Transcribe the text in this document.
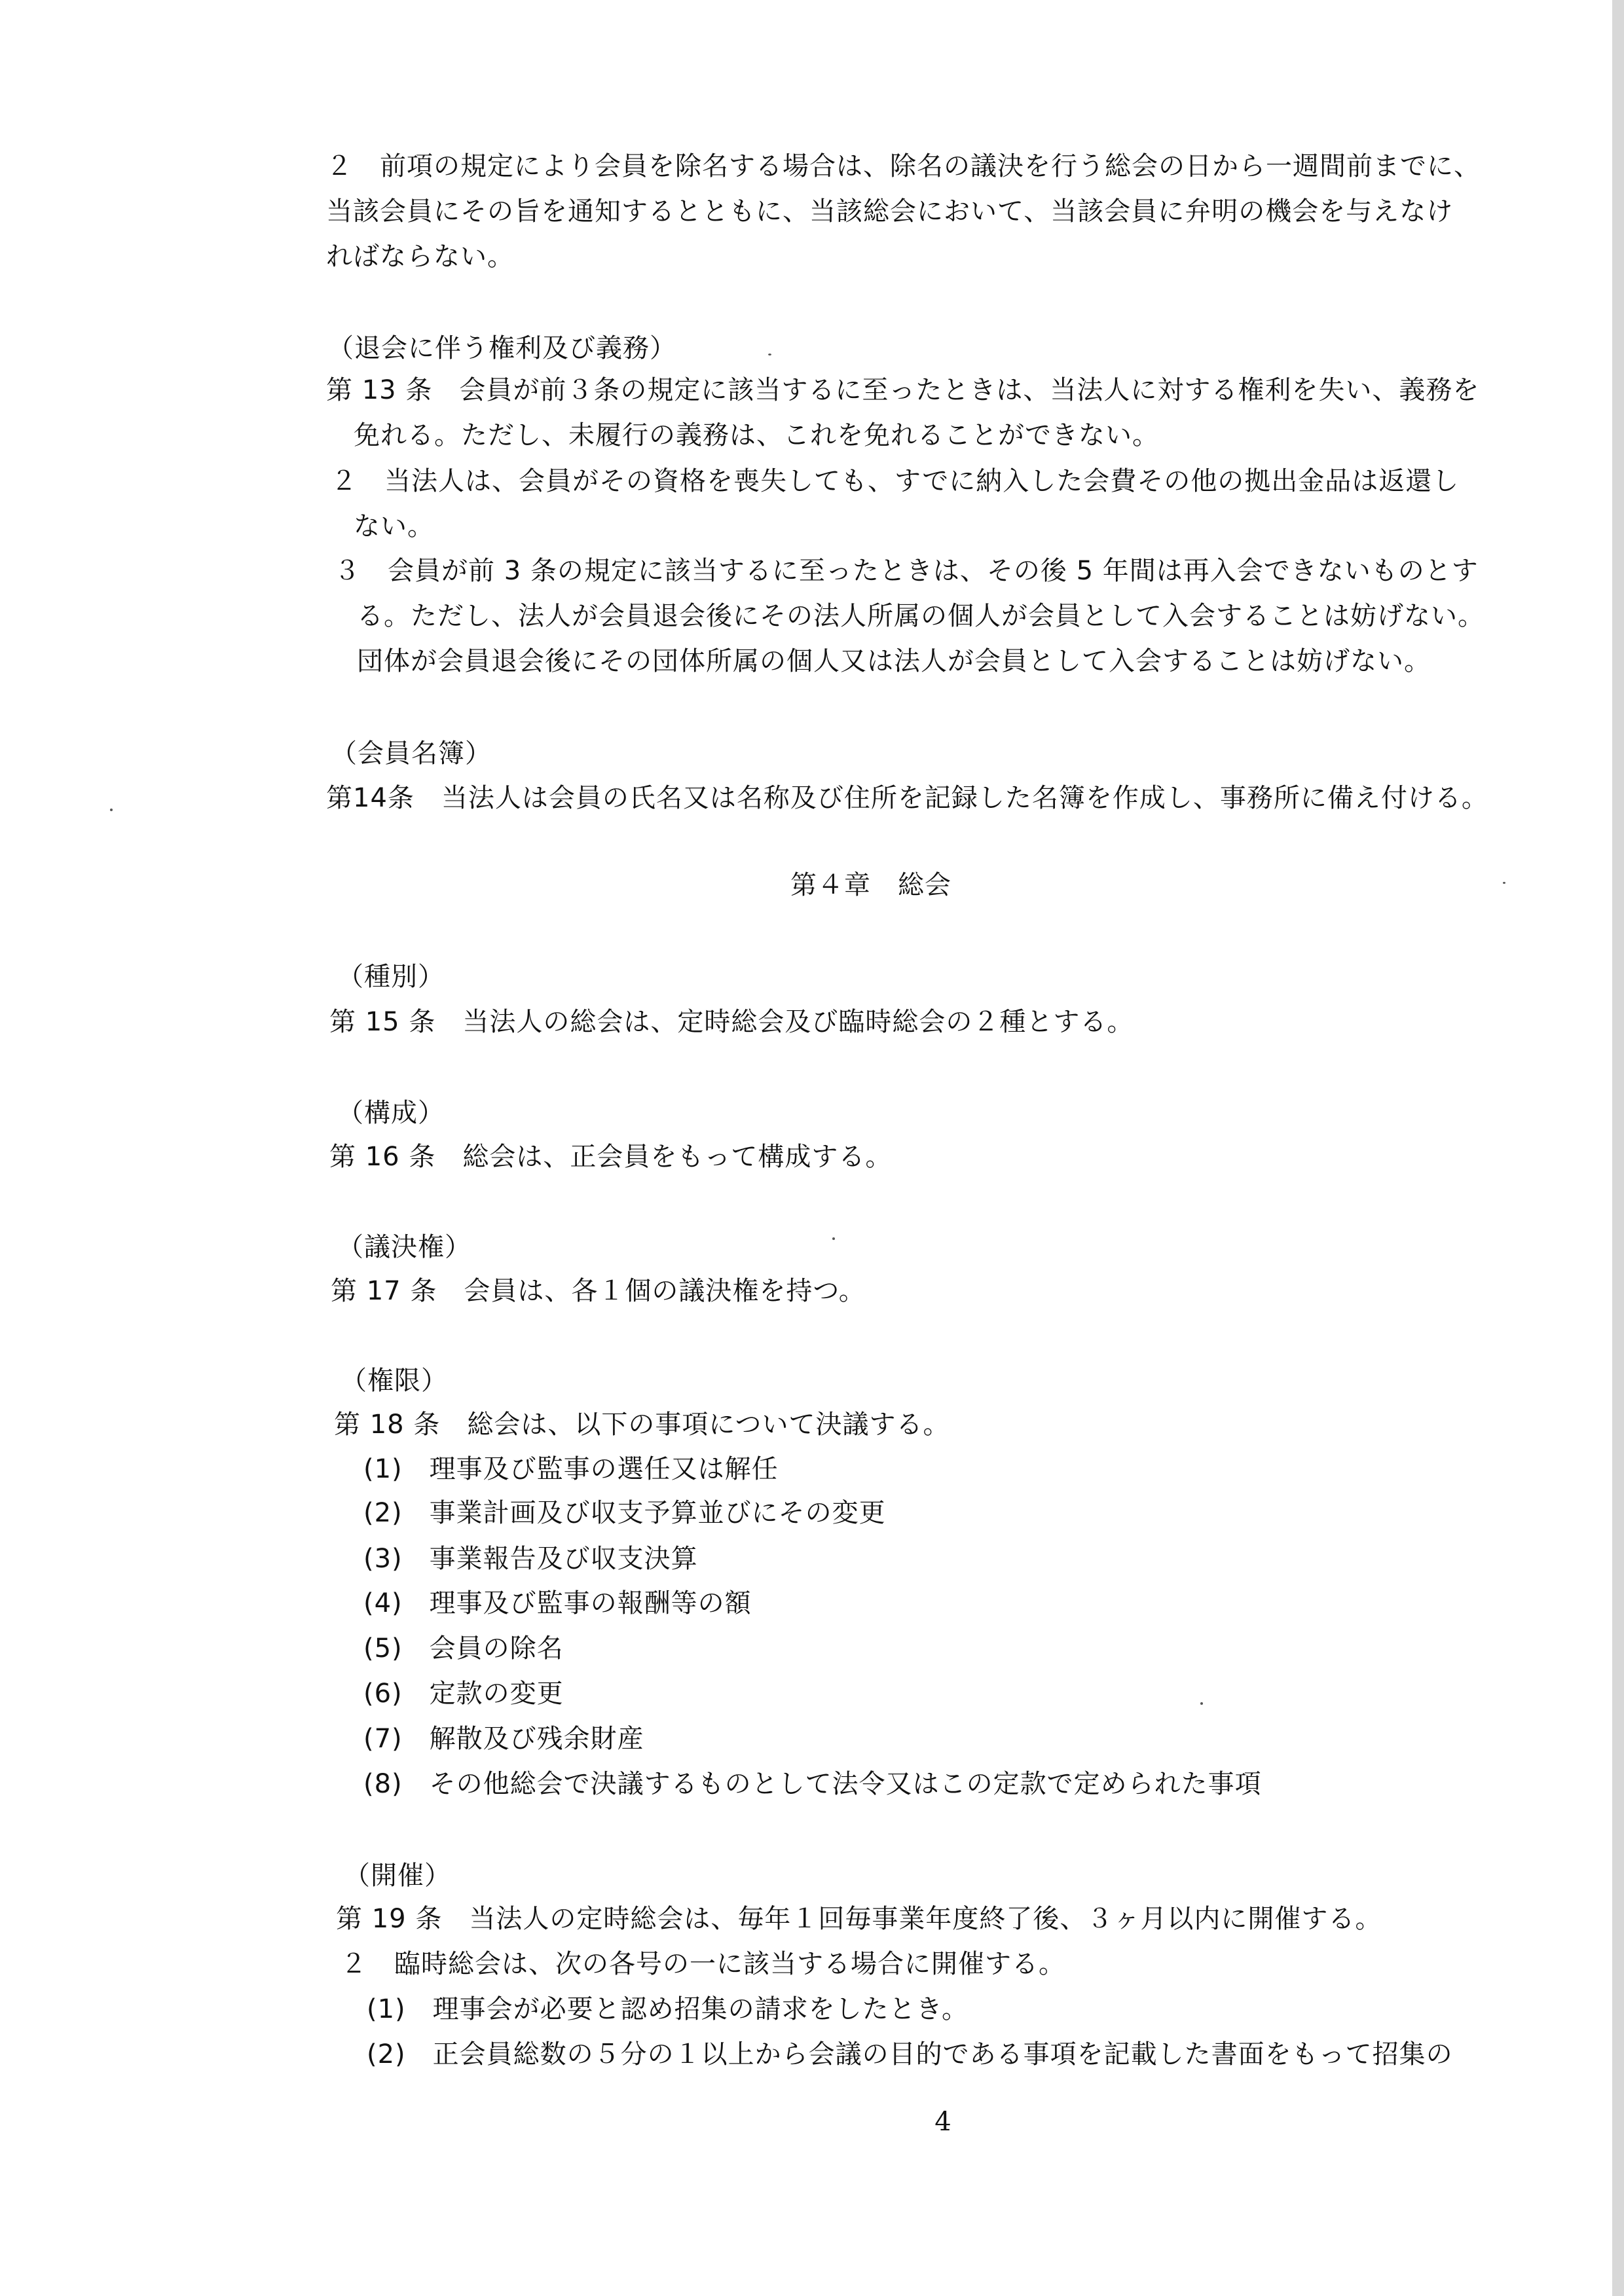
２　前項の規定により会員を除名する場合は、除名の議決を行う総会の日から一週間前までに、
当該会員にその旨を通知するとともに、当該総会において、当該会員に弁明の機会を与えなけ
ればならない。
（退会に伴う権利及び義務）
第 13 条　会員が前３条の規定に該当するに至ったときは、当法人に対する権利を失い、義務を
免れる。ただし、未履行の義務は、これを免れることができない。
２　当法人は、会員がその資格を喪失しても、すでに納入した会費その他の拠出金品は返還し
ない。
３　会員が前 3 条の規定に該当するに至ったときは、その後 5 年間は再入会できないものとす
る。ただし、法人が会員退会後にその法人所属の個人が会員として入会することは妨げない。
団体が会員退会後にその団体所属の個人又は法人が会員として入会することは妨げない。
（会員名簿）
第14条　当法人は会員の氏名又は名称及び住所を記録した名簿を作成し、事務所に備え付ける。
第４章　総会
（種別）
第 15 条　当法人の総会は、定時総会及び臨時総会の２種とする。
（構成）
第 16 条　総会は、正会員をもって構成する。
（議決権）
第 17 条　会員は、各１個の議決権を持つ。
（権限）
第 18 条　総会は、以下の事項について決議する。
(1)　理事及び監事の選任又は解任
(2)　事業計画及び収支予算並びにその変更
(3)　事業報告及び収支決算
(4)　理事及び監事の報酬等の額
(5)　会員の除名
(6)　定款の変更
(7)　解散及び残余財産
(8)　その他総会で決議するものとして法令又はこの定款で定められた事項
（開催）
第 19 条　当法人の定時総会は、毎年１回毎事業年度終了後、３ヶ月以内に開催する。
２　臨時総会は、次の各号の一に該当する場合に開催する。
(1)　理事会が必要と認め招集の請求をしたとき。
(2)　正会員総数の５分の１以上から会議の目的である事項を記載した書面をもって招集の
4
